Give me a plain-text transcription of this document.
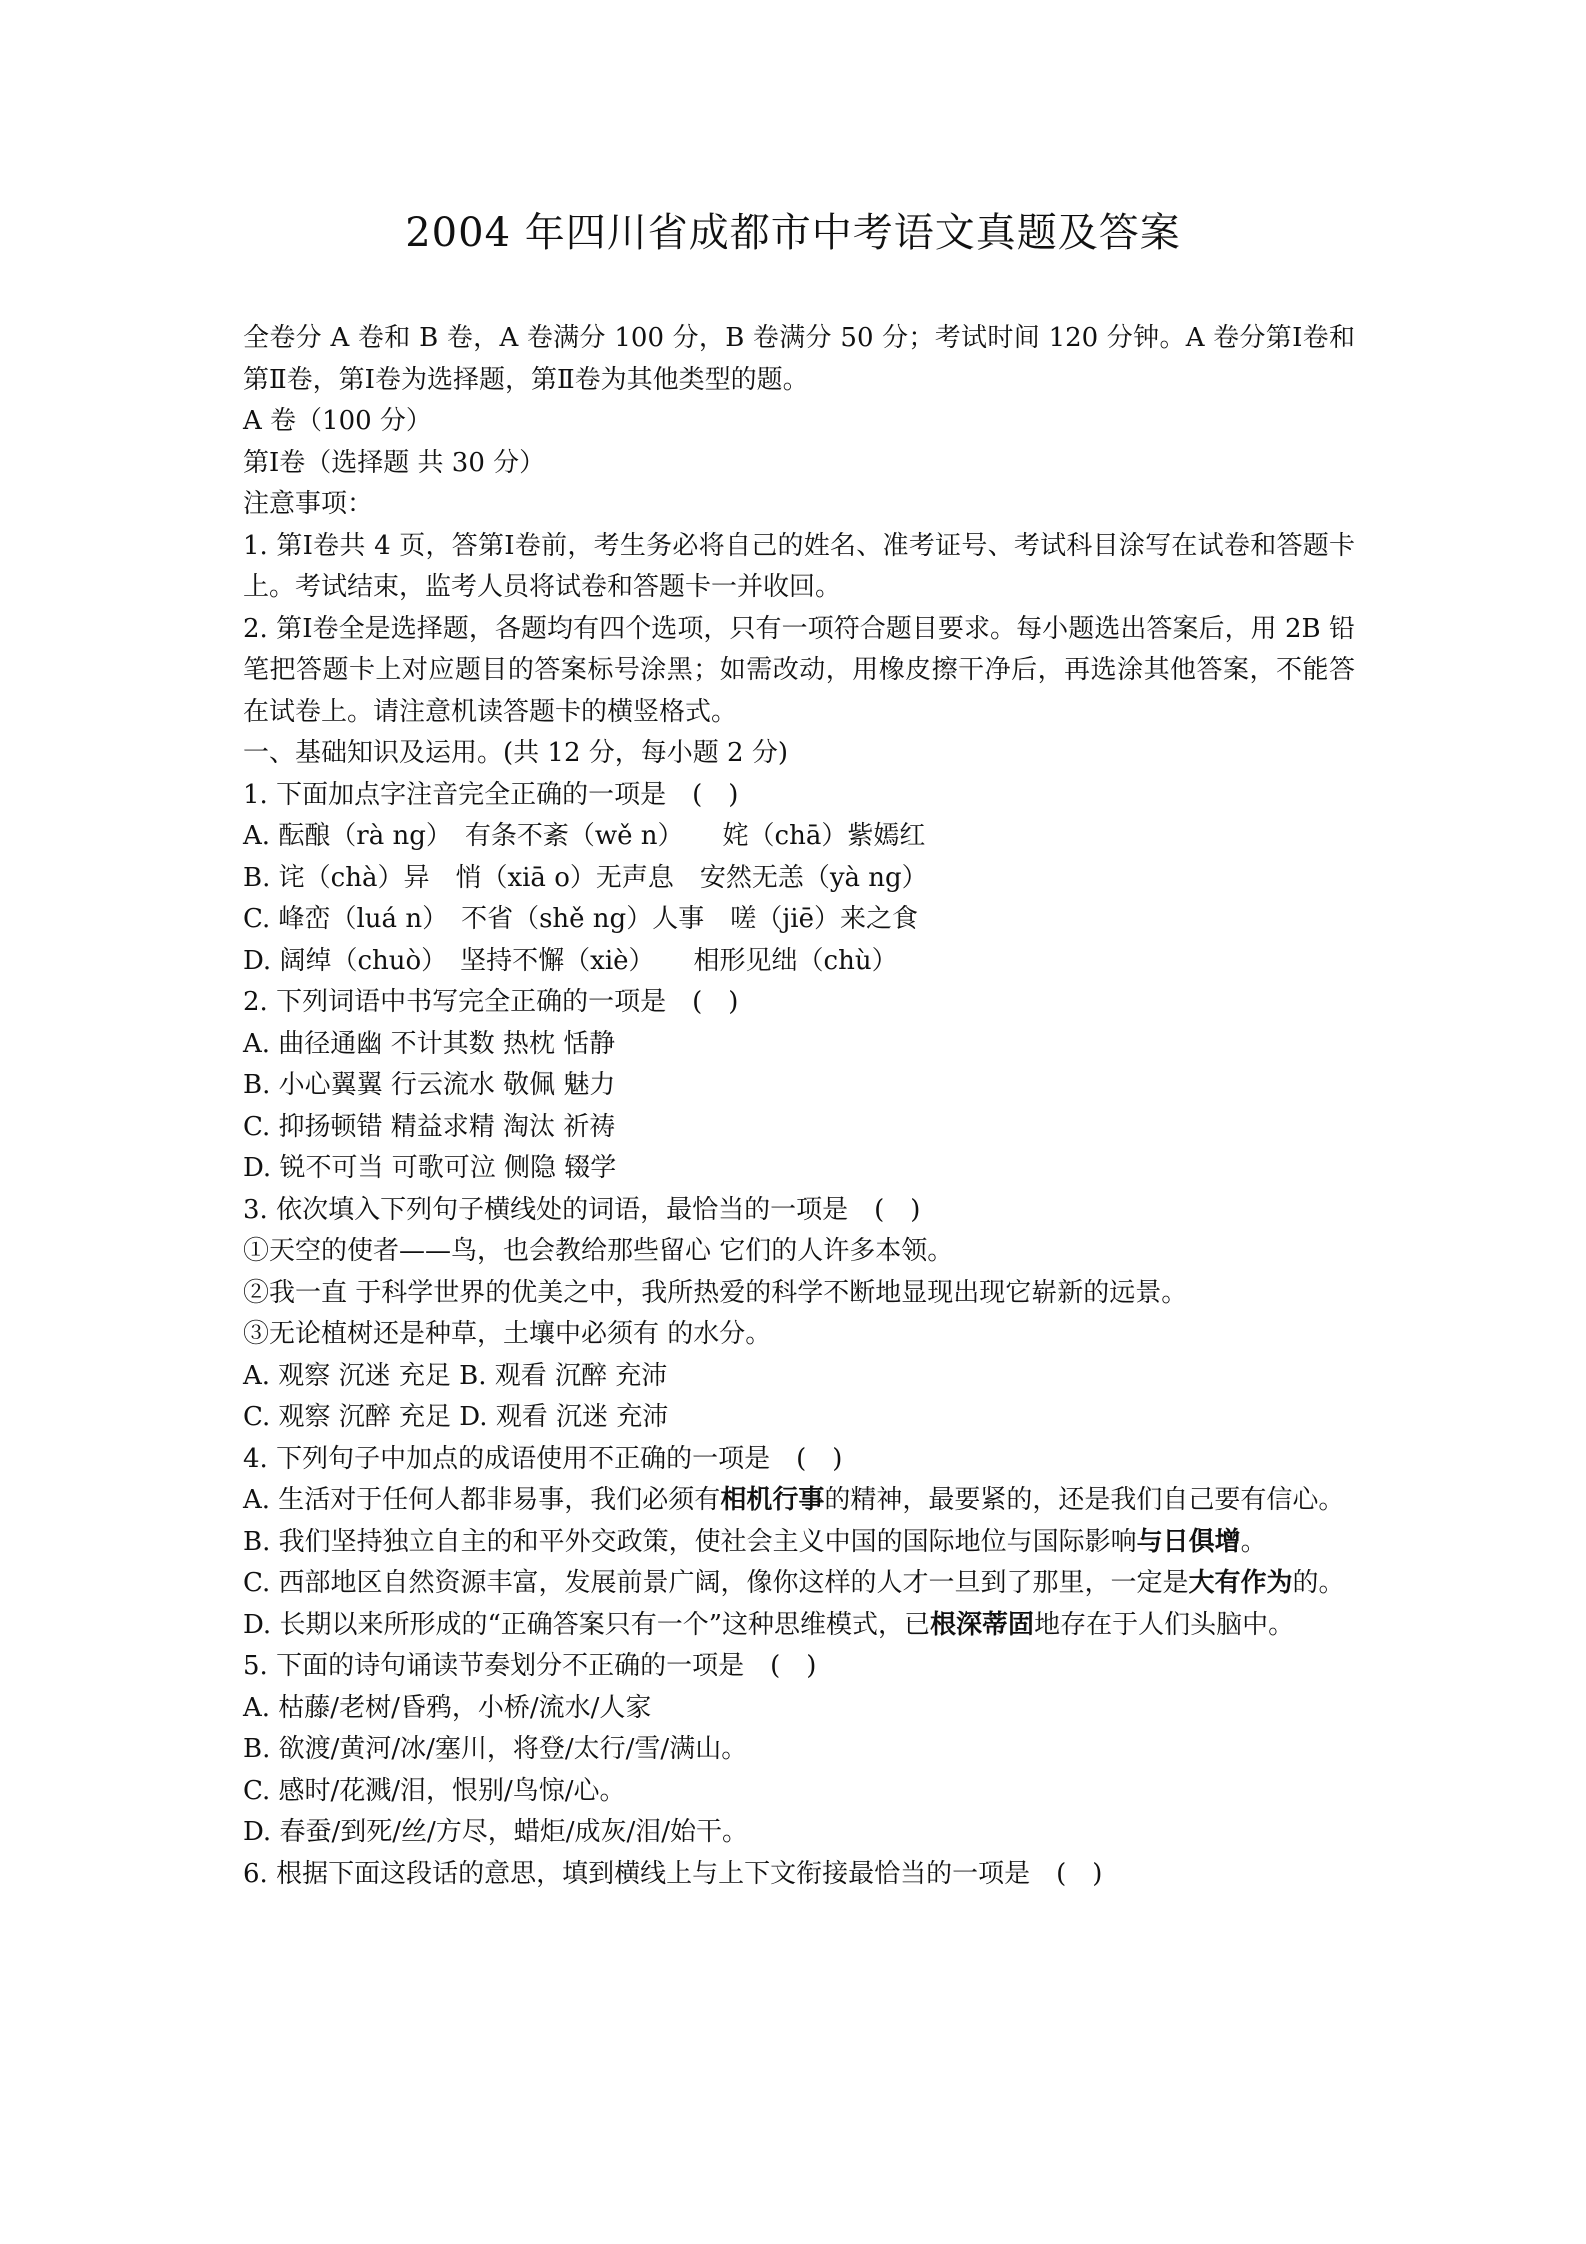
2004 年四川省成都市中考语文真题及答案
全卷分 A 卷和 B 卷，A 卷满分 100 分，B 卷满分 50 分；考试时间 120 分钟。A 卷分第Ⅰ卷和第Ⅱ卷，第Ⅰ卷为选择题，第Ⅱ卷为其他类型的题。
A 卷（100 分）
第Ⅰ卷（选择题 共 30 分）
注意事项：
1. 第Ⅰ卷共 4 页，答第Ⅰ卷前，考生务必将自己的姓名、准考证号、考试科目涂写在试卷和答题卡上。考试结束，监考人员将试卷和答题卡一并收回。
2. 第Ⅰ卷全是选择题，各题均有四个选项，只有一项符合题目要求。每小题选出答案后，用 2B 铅笔把答题卡上对应题目的答案标号涂黑；如需改动，用橡皮擦干净后，再选涂其他答案，不能答在试卷上。请注意机读答题卡的横竖格式。
一、基础知识及运用。(共 12 分，每小题 2 分)
1. 下面加点字注音完全正确的一项是　(　)
A. 酝酿（rà ng）　有条不紊（wě n）　　姹（chā）紫嫣红
B. 诧（chà）异　悄（xiā o）无声息　安然无恙（yà ng）
C. 峰峦（luá n）　不省（shě ng）人事　嗟（jiē）来之食
D. 阔绰（chuò）　坚持不懈（xiè）　　相形见绌（chù）
2. 下列词语中书写完全正确的一项是　(　)
A. 曲径通幽 不计其数 热枕 恬静
B. 小心翼翼 行云流水 敬佩 魅力
C. 抑扬顿错 精益求精 淘汰 祈祷
D. 锐不可当 可歌可泣 侧隐 辍学
3. 依次填入下列句子横线处的词语，最恰当的一项是　(　)
①天空的使者——鸟，也会教给那些留心 它们的人许多本领。
②我一直 于科学世界的优美之中，我所热爱的科学不断地显现出现它崭新的远景。
③无论植树还是种草，土壤中必须有 的水分。
A. 观察 沉迷 充足 B. 观看 沉醉 充沛
C. 观察 沉醉 充足 D. 观看 沉迷 充沛
4. 下列句子中加点的成语使用不正确的一项是　(　)
A. 生活对于任何人都非易事，我们必须有相机行事的精神，最要紧的，还是我们自己要有信心。
B. 我们坚持独立自主的和平外交政策，使社会主义中国的国际地位与国际影响与日俱增。
C. 西部地区自然资源丰富，发展前景广阔，像你这样的人才一旦到了那里，一定是大有作为的。
D. 长期以来所形成的“正确答案只有一个”这种思维模式，已根深蒂固地存在于人们头脑中。
5. 下面的诗句诵读节奏划分不正确的一项是　(　)
A. 枯藤/老树/昏鸦，小桥/流水/人家
B. 欲渡/黄河/冰/塞川，将登/太行/雪/满山。
C. 感时/花溅/泪，恨别/鸟惊/心。
D. 春蚕/到死/丝/方尽，蜡炬/成灰/泪/始干。
6. 根据下面这段话的意思，填到横线上与上下文衔接最恰当的一项是　(　)
